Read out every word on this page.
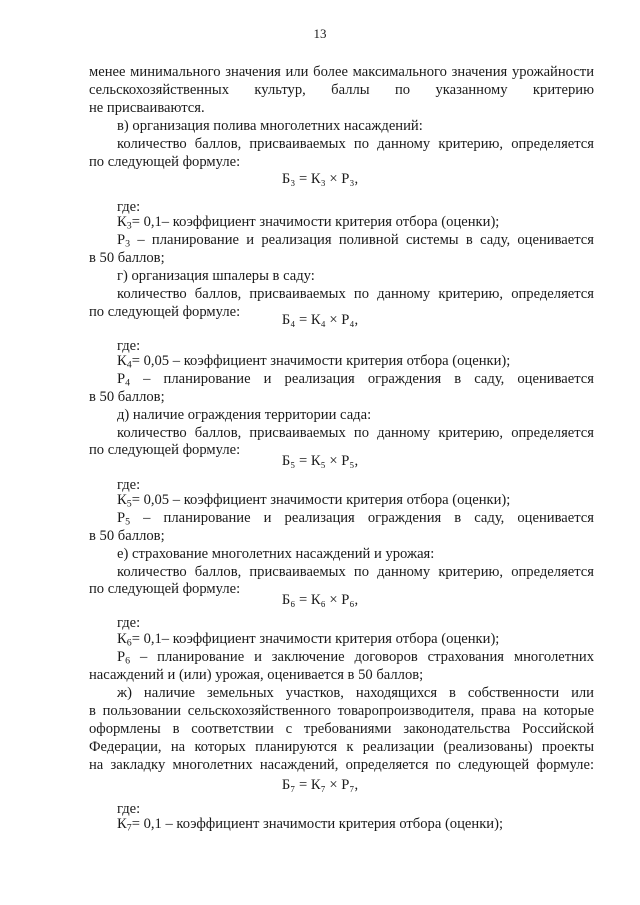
13
менее минимального значения или более максимального значения урожайности
сельскохозяйственных культур, баллы по указанному критерию
не присваиваются.
в) организация полива многолетних насаждений:
количество баллов, присваиваемых по данному критерию, определяется
по следующей формуле:
Б₃ = К₃ × Р₃,
где:
$К_3= 0,1-$ коэффициент значимости критерия отбора (оценки);
$Р_3$ – планирование и реализация поливной системы в саду, оценивается
в 50 баллов;
г) организация шпалеры в саду:
количество баллов, присваиваемых по данному критерию, определяется
по следующей формуле:	Б₄ = К₄ × Р₄,
где:
$К_4= 0,05$ – коэффициент значимости критерия отбора (оценки);
$Р_4$ – планирование и реализация ограждения в саду, оценивается
в 50 баллов;
д) наличие ограждения территории сада:
количество баллов, присваиваемых по данному критерию, определяется
по следующей формуле:
Б₅ = К₅ × Р₅,
где:
$К_5= 0,05$ – коэффициент значимости критерия отбора (оценки);
$Р_5$ – планирование и реализация ограждения в саду, оценивается
в 50 баллов;
е) страхование многолетних насаждений и урожая:
количество баллов, присваиваемых по данному критерию, определяется
по следующей формуле:
Б₆ = К₆ × Р₆,
где:
$К_6= 0,1-$ коэффициент значимости критерия отбора (оценки);
$Р_6$ – планирование и заключение договоров страхования многолетних
насаждений и (или) урожая, оценивается в 50 баллов;
ж) наличие земельных участков, находящихся в собственности или
в пользовании сельскохозяйственного товаропроизводителя, права на которые
оформлены в соответствии с требованиями законодательства Российской
Федерации, на которых планируются к реализации (реализованы) проекты
на закладку многолетних насаждений, определяется по следующей формуле:
Б₇ = К₇ × Р₇,
где:
$К_7= 0,1$ – коэффициент значимости критерия отбора (оценки);
